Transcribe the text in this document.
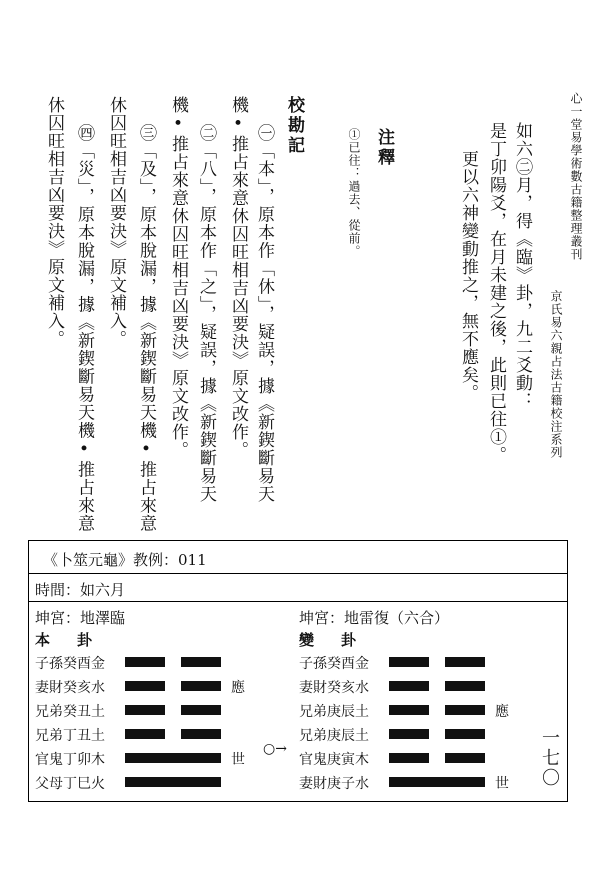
心一堂易學術數古籍整理叢刊
京氏易六親占法古籍校注系列
如六㊁月，得《臨》卦，九二爻動：
是丁卯陽爻，在月未建之後，此則已往①。
更以六神變動推之，無不應矣。
注釋
①已往：過去、從前。
校勘記
㊀「本」，原本作「休」，疑誤，據《新鍥斷易天
機•推占來意休囚旺相吉凶要決》原文改作。
㊁「八」，原本作「之」，疑誤，據《新鍥斷易天
機•推占來意休囚旺相吉凶要決》原文改作。
㊂「及」，原本脫漏，據《新鍥斷易天機•推占來意
休囚旺相吉凶要決》原文補入。
㊃「災」，原本脫漏，據《新鍥斷易天機•推占來意
休囚旺相吉凶要決》原文補入。
《卜筮元龜》教例：011
時間：如六月
坤宮：地澤臨
本　卦
坤宮：地雷復（六合）
變　卦
子孫癸酉金
妻財癸亥水	應
兄弟癸丑土
兄弟丁丑土
官鬼丁卯木	世
父母丁巳火
子孫癸酉金
妻財癸亥水
兄弟庚辰土	應
兄弟庚辰土
官鬼庚寅木
妻財庚子水	世
○→	一七〇
